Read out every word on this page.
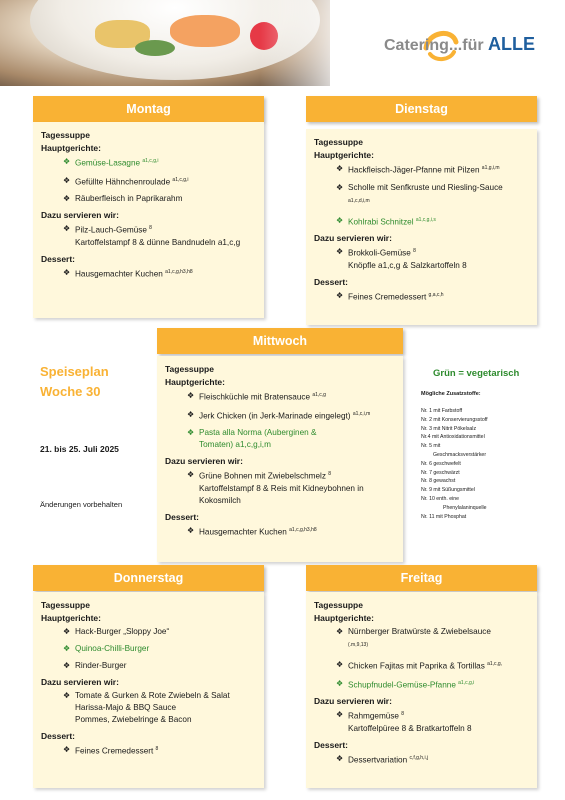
Catering...für ALLE
Montag
Tagessuppe
Hauptgerichte:
❖ Gemüse-Lasagne $^{a1,c,g,i}$
❖ Gefüllte Hähnchenroulade $^{a1,c,g,i}$
❖ Räuberfleisch in Paprikarahm
Dazu servieren wir:
❖ Pilz-Lauch-Gemüse $^8$
Kartoffelstampf 8 & dünne Bandnudeln a1,c,g
Dessert:
❖ Hausgemachter Kuchen $^{a1,c,g,h3,h8}$
Dienstag
Tagessuppe
Hauptgerichte:
❖ Hackfleisch-Jäger-Pfanne mit Pilzen $^{a1,g,i,m}$
❖ Scholle mit Senfkruste und Riesling-Sauce
a1,c,d,i,m
❖ Kohlrabi Schnitzel $^{a1,c,g,i,s}$
Dazu servieren wir:
❖ Brokkoli-Gemüse $^8$
Knöpfle a1,c,g & Salzkartoffeln 8
Dessert:
❖ Feines Cremedessert $^{g,a,c,h}$
Speiseplan
Woche 30
21. bis 25. Juli 2025
Änderungen vorbehalten
Mittwoch
Tagessuppe
Hauptgerichte:
❖ Fleischküchle mit Bratensauce $^{a1,c,g}$
❖ Jerk Chicken (in Jerk-Marinade eingelegt) $^{a1,c,i,m}$
❖ Pasta alla Norma (Auberginen &
Tomaten) a1,c,g,i,m
Dazu servieren wir:
❖ Grüne Bohnen mit Zwiebelschmelz $^8$
Kartoffelstampf 8 & Reis mit Kidneybohnen in
Kokosmilch
Dessert:
❖ Hausgemachter Kuchen $^{a1,c,g,h3,h8}$
Grün = vegetarisch
Mögliche Zusatzstoffe:
Nr. 1 mit Farbstoff
Nr. 2 mit Konservierungsstoff
Nr. 3 mit Nitrit Pökelsalz
Nr.4 mit Antioxidationsmittel
Nr. 5 mit
Geschmacksverstärker
Nr. 6 geschwefelt
Nr. 7 geschwärzt
Nr. 8 gewachst
Nr. 9 mit Süßungsmittel
Nr. 10 enth. eine
Phenylalaninquelle
Nr. 11 mit Phosphat
Donnerstag
Tagessuppe
Hauptgerichte:
❖ Hack-Burger „Sloppy Joe“
❖ Quinoa-Chilli-Burger
❖ Rinder-Burger
Dazu servieren wir:
❖ Tomate & Gurken & Rote Zwiebeln & Salat
Harissa-Majo & BBQ Sauce
Pommes, Zwiebelringe & Bacon
Dessert:
❖ Feines Cremedessert $^8$
Freitag
Tagessuppe
Hauptgerichte:
❖ Nürnberger Bratwürste & Zwiebelsauce
(.m,9,13)
❖ Chicken Fajitas mit Paprika & Tortillas $^{a1,c,g,}$
❖ Schupfnudel-Gemüse-Pfanne $^{a1,c,g,i}$
Dazu servieren wir:
❖ Rahmgemüse $^8$
Kartoffelpüree 8 & Bratkartoffeln 8
Dessert:
❖ Dessertvariation $^{c,f,g,h,i,j}$
